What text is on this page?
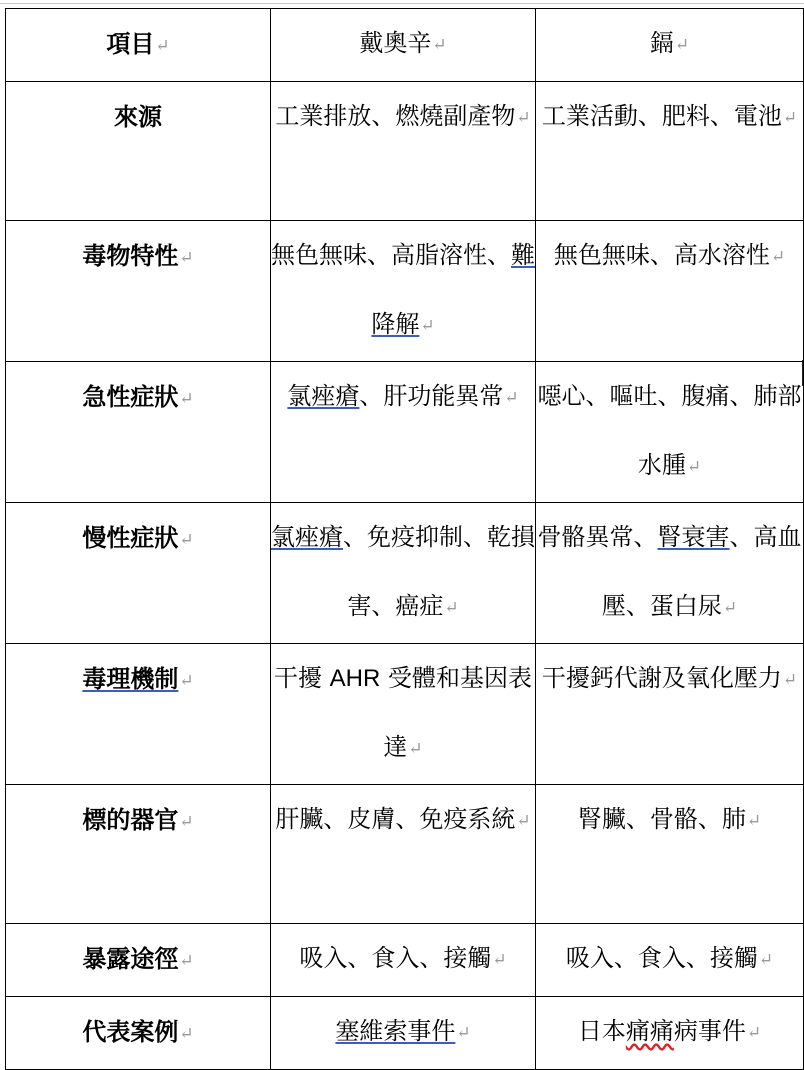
項目↵	戴奧辛↵	鎘↵
來源	工業排放、燃燒副產物↵	工業活動、肥料、電池↵
毒物特性↵	無色無味、高脂溶性、難降解↵	無色無味、高水溶性↵
急性症狀↵	氯痤瘡、肝功能異常↵	噁心、嘔吐、腹痛、肺部水腫↵
慢性症狀↵	氯痤瘡、免疫抑制、乾損害、癌症↵	骨骼異常、腎衰害、高血壓、蛋白尿↵
毒理機制↵	干擾 AHR 受體和基因表達↵	干擾鈣代謝及氧化壓力↵
標的器官↵	肝臟、皮膚、免疫系統↵	腎臟、骨骼、肺↵
暴露途徑↵	吸入、食入、接觸↵	吸入、食入、接觸↵
代表案例↵	塞維索事件↵	日本痛痛病事件↵
